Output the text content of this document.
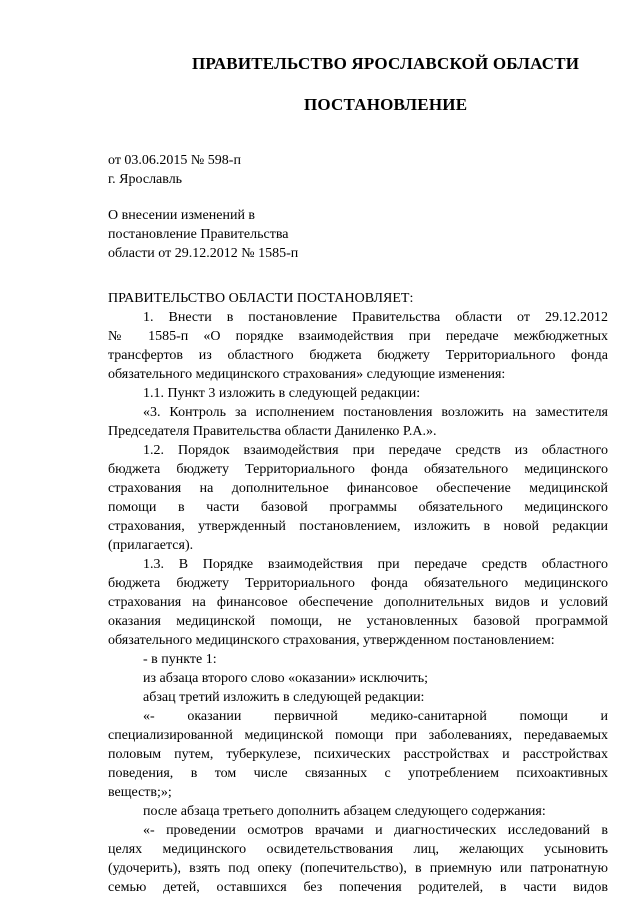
ПРАВИТЕЛЬСТВО ЯРОСЛАВСКОЙ ОБЛАСТИ
ПОСТАНОВЛЕНИЕ
от 03.06.2015 № 598-п
г. Ярославль
О внесении изменений в
постановление Правительства
области от 29.12.2012 № 1585-п
ПРАВИТЕЛЬСТВО ОБЛАСТИ ПОСТАНОВЛЯЕТ:
1. Внести в постановление Правительства области от 29.12.2012
№ 1585-п «О порядке взаимодействия при передаче межбюджетных
трансфертов из областного бюджета бюджету Территориального фонда
обязательного медицинского страхования» следующие изменения:
1.1. Пункт 3 изложить в следующей редакции:
«3. Контроль за исполнением постановления возложить на заместителя
Председателя Правительства области Даниленко Р.А.».
1.2. Порядок взаимодействия при передаче средств из областного
бюджета бюджету Территориального фонда обязательного медицинского
страхования на дополнительное финансовое обеспечение медицинской
помощи в части базовой программы обязательного медицинского
страхования, утвержденный постановлением, изложить в новой редакции
(прилагается).
1.3. В Порядке взаимодействия при передаче средств областного
бюджета бюджету Территориального фонда обязательного медицинского
страхования на финансовое обеспечение дополнительных видов и условий
оказания медицинской помощи, не установленных базовой программой
обязательного медицинского страхования, утвержденном постановлением:
- в пункте 1:
из абзаца второго слово «оказании» исключить;
абзац третий изложить в следующей редакции:
«- оказании первичной медико-санитарной помощи и
специализированной медицинской помощи при заболеваниях, передаваемых
половым путем, туберкулезе, психических расстройствах и расстройствах
поведения, в том числе связанных с употреблением психоактивных
веществ;»;
после абзаца третьего дополнить абзацем следующего содержания:
«- проведении осмотров врачами и диагностических исследований в
целях медицинского освидетельствования лиц, желающих усыновить
(удочерить), взять под опеку (попечительство), в приемную или патронатную
семью детей, оставшихся без попечения родителей, в части видов
